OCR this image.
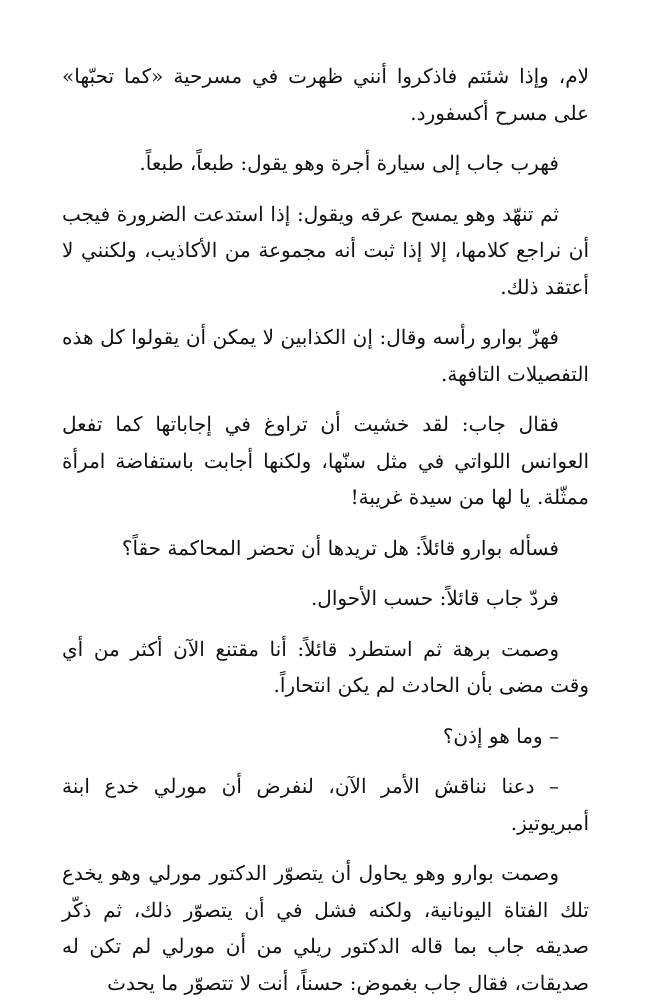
لام، وإذا شئتم فاذكروا أنني ظهرت في مسرحية «كما تحبّها» على مسرح أكسفورد.

فهرب جاب إلى سيارة أجرة وهو يقول: طبعاً، طبعاً.

ثم تنهّد وهو يمسح عرقه ويقول: إذا استدعت الضرورة فيجب أن نراجع كلامها، إلا إذا ثبت أنه مجموعة من الأكاذيب، ولكنني لا أعتقد ذلك.

فهزّ بوارو رأسه وقال: إن الكذابين لا يمكن أن يقولوا كل هذه التفصيلات التافهة.

فقال جاب: لقد خشيت أن تراوغ في إجاباتها كما تفعل العوانس اللواتي في مثل سنّها، ولكنها أجابت باستفاضة امرأة ممثّلة. يا لها من سيدة غريبة!

فسأله بوارو قائلاً: هل تريدها أن تحضر المحاكمة حقاً؟

فردّ جاب قائلاً: حسب الأحوال.

وصمت برهة ثم استطرد قائلاً: أنا مقتنع الآن أكثر من أي وقت مضى بأن الحادث لم يكن انتحاراً.

– وما هو إذن؟

– دعنا نناقش الأمر الآن، لنفرض أن مورلي خدع ابنة أمبريوتيز.

وصمت بوارو وهو يحاول أن يتصوّر الدكتور مورلي وهو يخدع تلك الفتاة اليونانية، ولكنه فشل في أن يتصوّر ذلك، ثم ذكّر صديقه جاب بما قاله الدكتور ريلي من أن مورلي لم تكن له صديقات، فقال جاب بغموض: حسناً، أنت لا تتصوّر ما يحدث
